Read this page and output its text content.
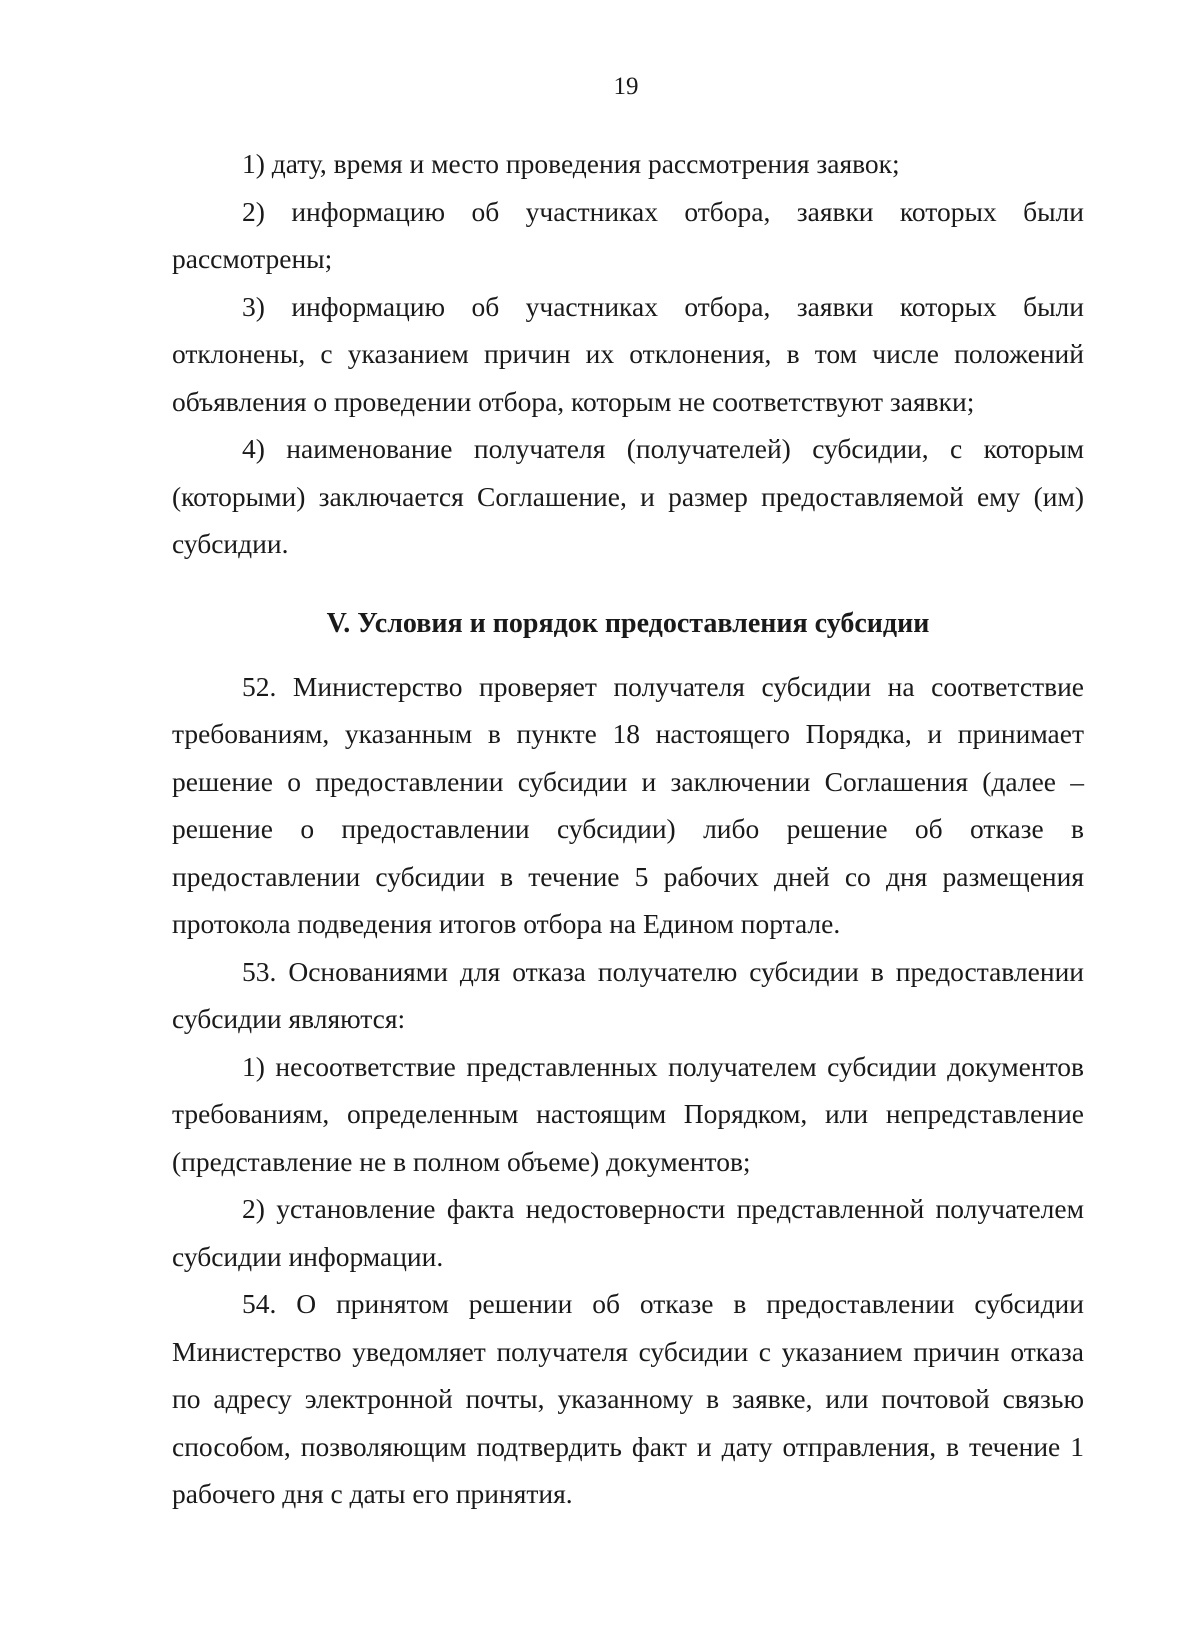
19

1) дату, время и место проведения рассмотрения заявок;

2) информацию об участниках отбора, заявки которых были рассмотрены;

3) информацию об участниках отбора, заявки которых были отклонены, с указанием причин их отклонения, в том числе положений объявления о проведении отбора, которым не соответствуют заявки;

4) наименование получателя (получателей) субсидии, с которым (которыми) заключается Соглашение, и размер предоставляемой ему (им) субсидии.

V. Условия и порядок предоставления субсидии

52. Министерство проверяет получателя субсидии на соответствие требованиям, указанным в пункте 18 настоящего Порядка, и принимает решение о предоставлении субсидии и заключении Соглашения (далее – решение о предоставлении субсидии) либо решение об отказе в предоставлении субсидии в течение 5 рабочих дней со дня размещения протокола подведения итогов отбора на Едином портале.

53. Основаниями для отказа получателю субсидии в предоставлении субсидии являются:

1) несоответствие представленных получателем субсидии документов требованиям, определенным настоящим Порядком, или непредставление (представление не в полном объеме) документов;

2) установление факта недостоверности представленной получателем субсидии информации.

54. О принятом решении об отказе в предоставлении субсидии Министерство уведомляет получателя субсидии с указанием причин отказа по адресу электронной почты, указанному в заявке, или почтовой связью способом, позволяющим подтвердить факт и дату отправления, в течение 1 рабочего дня с даты его принятия.
